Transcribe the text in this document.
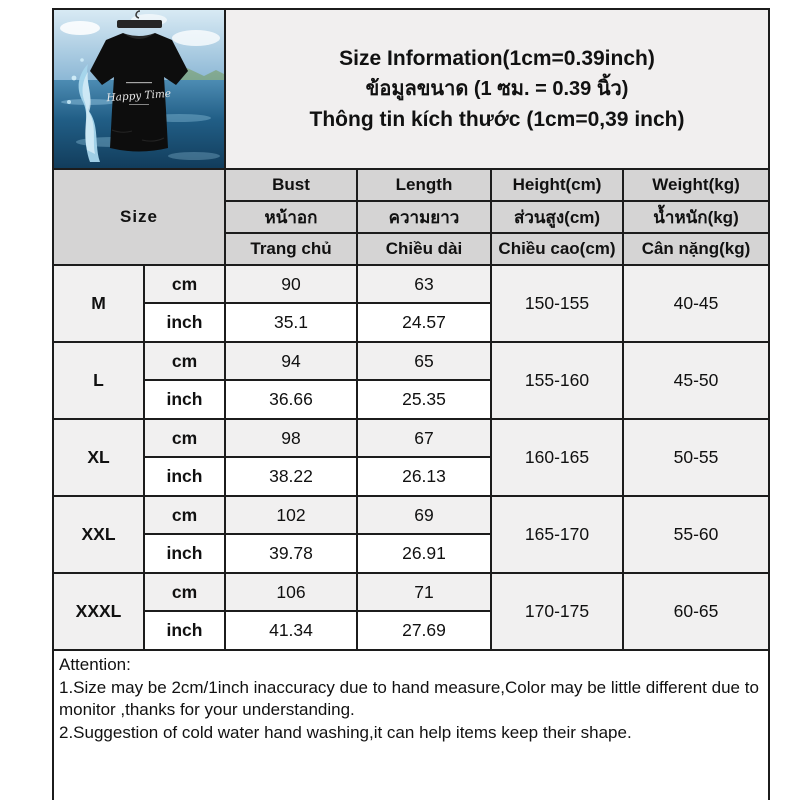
Happy Time		Size Information(1cm=0.39inch)
ข้อมูลขนาด (1 ซม. = 0.39 นิ้ว)
Thông tin kích thước (1cm=0,39 inch)			

Size		Bust	Length	Height(cm)	Weight(kg)
		หน้าอก	ความยาว	ส่วนสูง(cm)	น้ำหนัก(kg)
		Trang chủ	Chiều dài	Chiều cao(cm)	Cân nặng(kg)
M	cm	90	63	150-155	40-45
	inch	35.1	24.57		
L	cm	94	65	155-160	45-50
	inch	36.66	25.35		
XL	cm	98	67	160-165	50-55
	inch	38.22	26.13		
XXL	cm	102	69	165-170	55-60
	inch	39.78	26.91		
XXXL	cm	106	71	170-175	60-65
	inch	41.34	27.69		

Attention:
1.Size may be 2cm/1inch inaccuracy due to hand measure,Color may be little different due to monitor ,thanks for your understanding.
2.Suggestion of cold water hand washing,it can help items keep their shape.					
